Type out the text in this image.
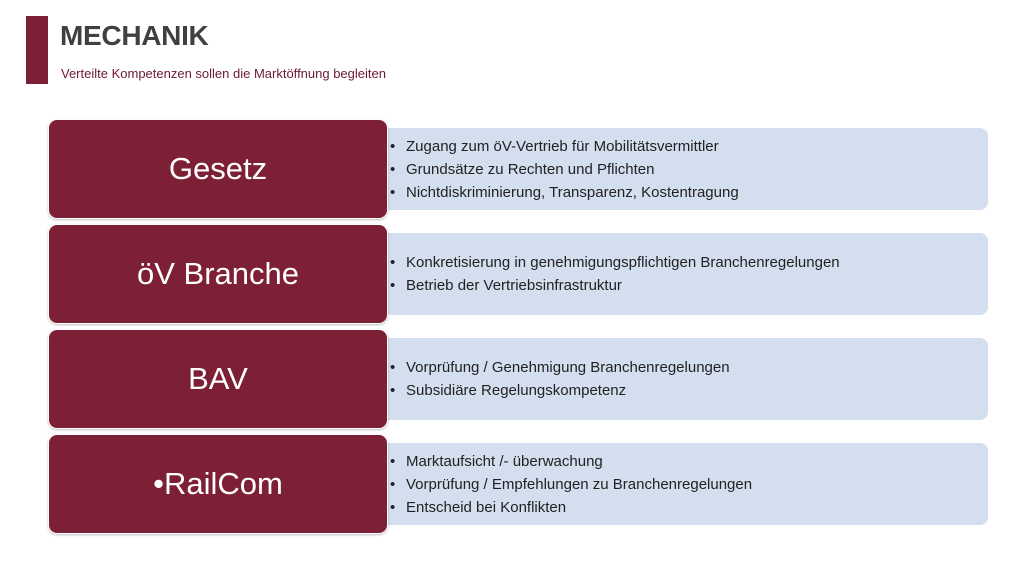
MECHANIK
Verteilte Kompetenzen sollen die Marktöffnung begleiten
• Zugang zum öV-Vertrieb für Mobilitätsvermittler
• Grundsätze zu Rechten und Pflichten
• Nichtdiskriminierung, Transparenz, Kostentragung
Gesetz
• Konkretisierung in genehmigungspflichtigen Branchenregelungen
• Betrieb der Vertriebsinfrastruktur
öV Branche
• Vorprüfung / Genehmigung Branchenregelungen
• Subsidiäre Regelungskompetenz
BAV
• Marktaufsicht /- überwachung
• Vorprüfung / Empfehlungen zu Branchenregelungen
• Entscheid bei Konflikten
•RailCom
